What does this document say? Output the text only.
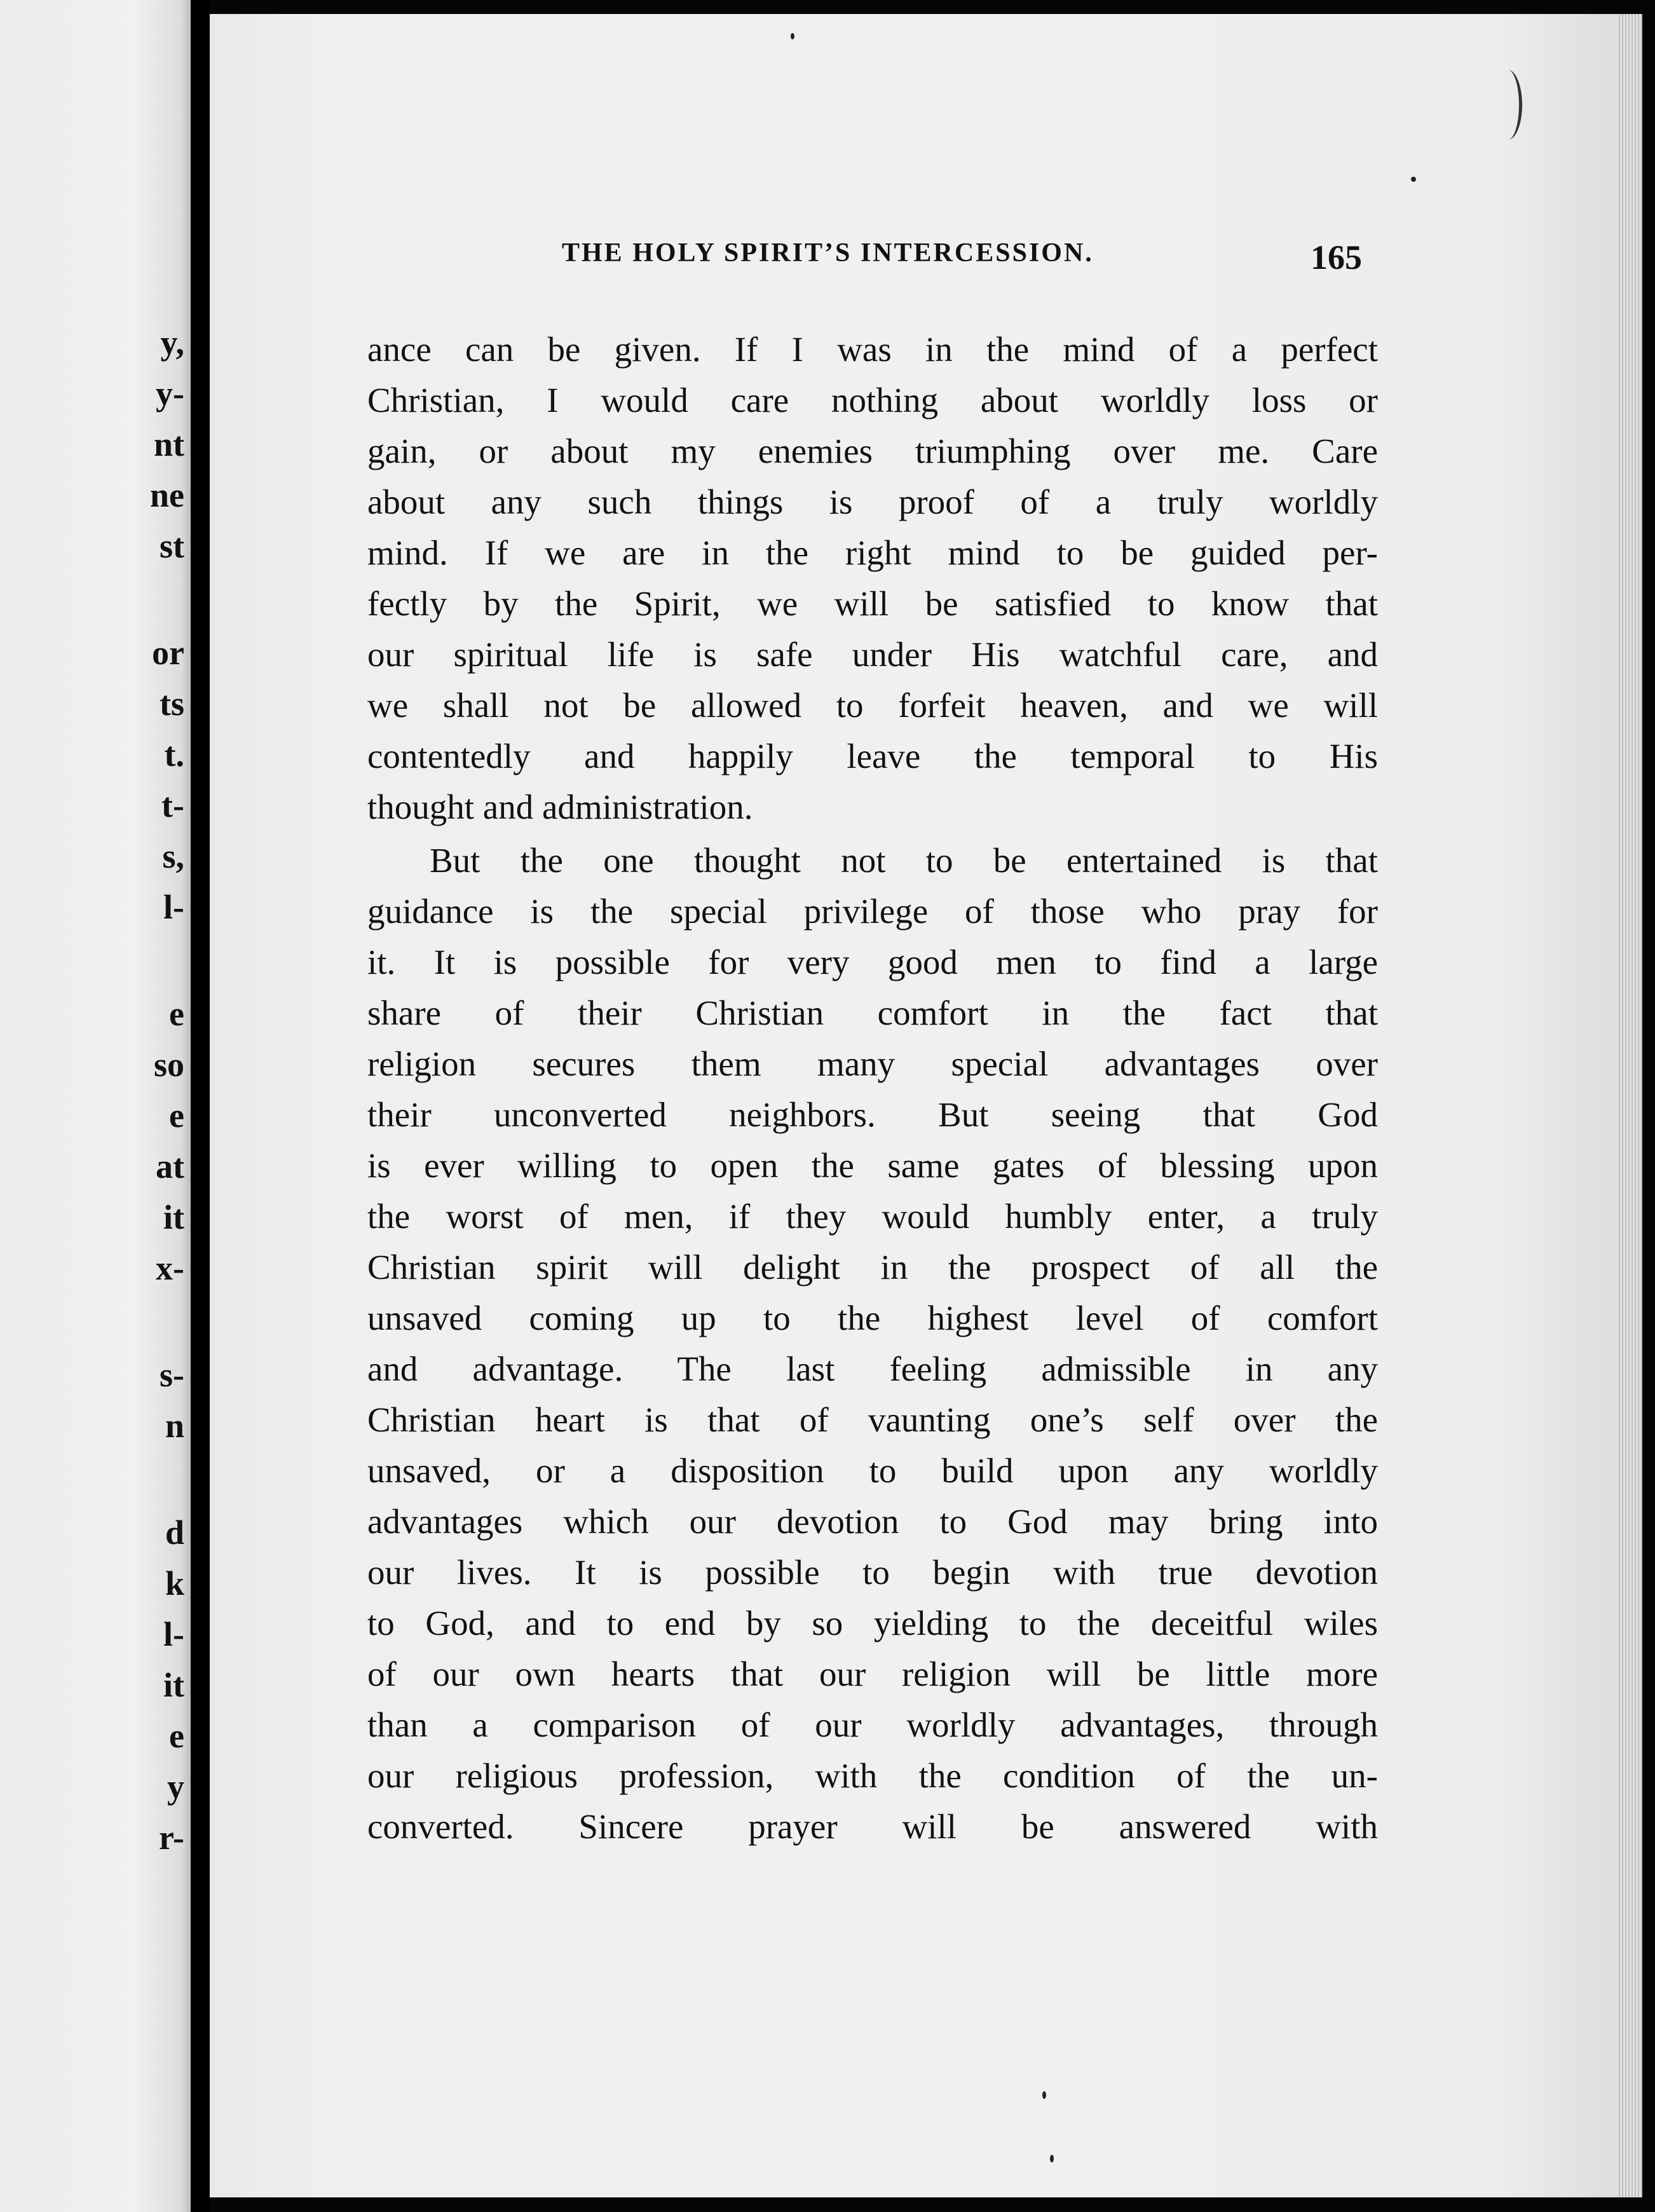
y,
y-
nt
ne
st
or
ts
t.
t-
s,
l-
e
so
e
at
it
x-
s-
n
d
k
l-
it
e
y
r-
THE HOLY SPIRIT’S INTERCESSION.	165
ance can be given. If I was in the mind of a perfect
Christian, I would care nothing about worldly loss or
gain, or about my enemies triumphing over me. Care
about any such things is proof of a truly worldly
mind. If we are in the right mind to be guided per-
fectly by the Spirit, we will be satisfied to know that
our spiritual life is safe under His watchful care, and
we shall not be allowed to forfeit heaven, and we will
contentedly and happily leave the temporal to His
thought and administration.
But the one thought not to be entertained is that
guidance is the special privilege of those who pray for
it. It is possible for very good men to find a large
share of their Christian comfort in the fact that
religion secures them many special advantages over
their unconverted neighbors. But seeing that God
is ever willing to open the same gates of blessing upon
the worst of men, if they would humbly enter, a truly
Christian spirit will delight in the prospect of all the
unsaved coming up to the highest level of comfort
and advantage. The last feeling admissible in any
Christian heart is that of vaunting one’s self over the
unsaved, or a disposition to build upon any worldly
advantages which our devotion to God may bring into
our lives. It is possible to begin with true devotion
to God, and to end by so yielding to the deceitful wiles
of our own hearts that our religion will be little more
than a comparison of our worldly advantages, through
our religious profession, with the condition of the un-
converted. Sincere prayer will be answered with
